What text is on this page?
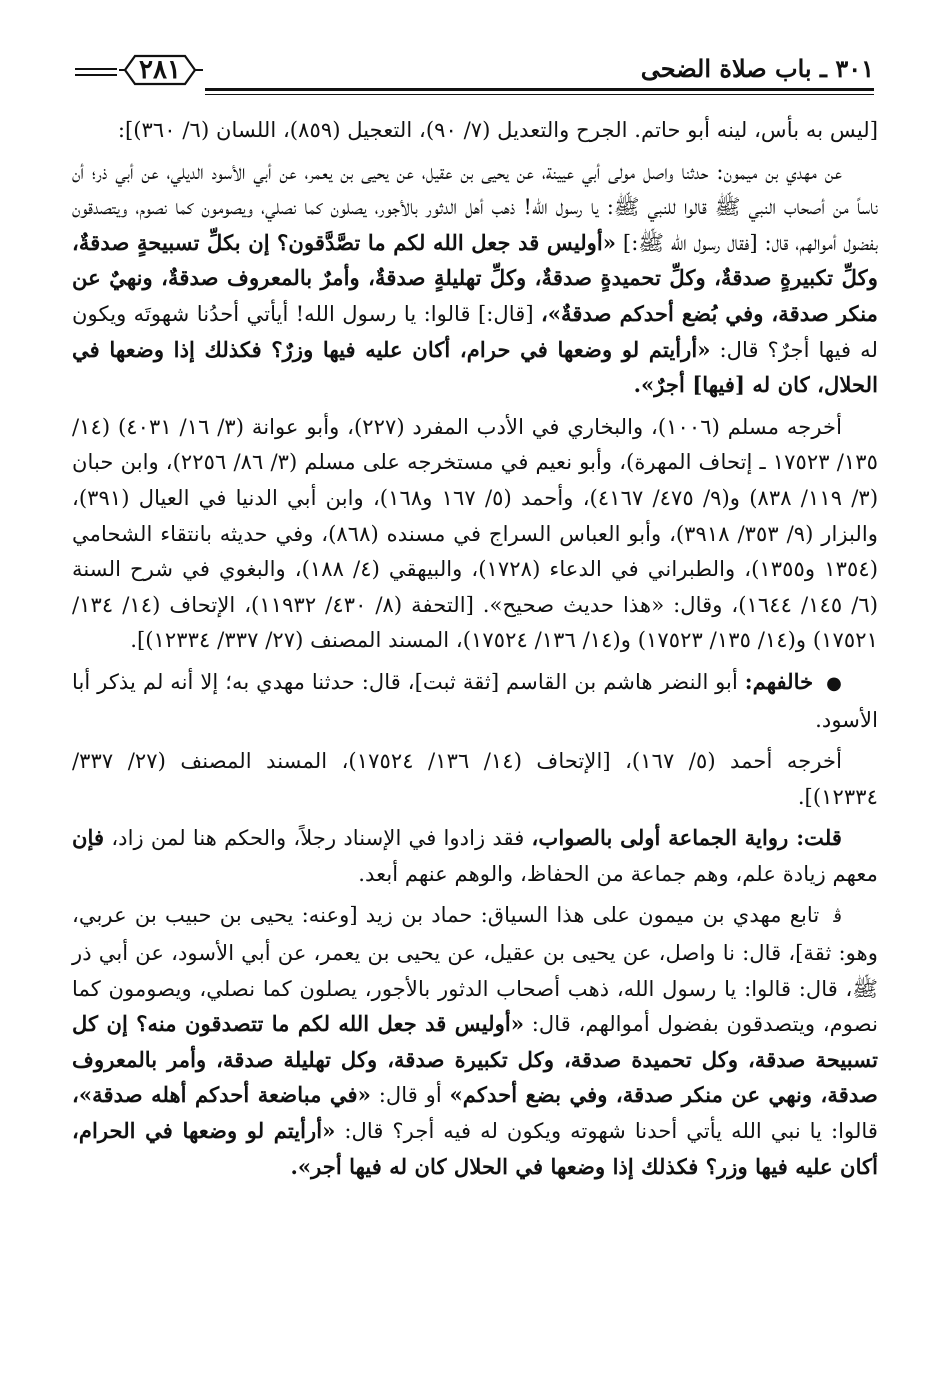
٣٠١ ـ باب صلاة الضحى
٢٨١

[ليس به بأس، لينه أبو حاتم. الجرح والتعديل (٧/ ٩٠)، التعجيل (٨٥٩)، اللسان (٦/ ٣٦٠)]:

عن مهدي بن ميمون: حدثنا واصل مولى أبي عيينة، عن يحيى بن عقيل، عن يحيى بن يعمر، عن أبي الأسود الديلي، عن أبي ذر؛ أن ناساً من أصحاب النبي ﷺ قالوا للنبي ﷺ: يا رسول الله! ذهب أهل الدثور بالأجور، يصلون كما نصلي، ويصومون كما نصوم، ويتصدقون بفضول أموالهم، قال: [فقال رسول الله ﷺ:] «أوليس قد جعل الله لكم ما تصَّدَّقون؟ إن بكلِّ تسبيحةٍ صدقةٌ، وكلِّ تكبيرةٍ صدقةٌ، وكلِّ تحميدةٍ صدقةٌ، وكلِّ تهليلةٍ صدقةٌ، وأمرٌ بالمعروف صدقةٌ، ونهيٌ عن منكر صدقة، وفي بُضع أحدكم صدقةٌ»، [قال:] قالوا: يا رسول الله! أيأتي أحدُنا شهوتَه ويكون له فيها أجرٌ؟ قال: «أرأيتم لو وضعها في حرام، أكان عليه فيها وزرٌ؟ فكذلك إذا وضعها في الحلال، كان له [فيها] أجرٌ».

أخرجه مسلم (١٠٠٦)، والبخاري في الأدب المفرد (٢٢٧)، وأبو عوانة (٣/ ١٦/ ٤٠٣١) (١٤/ ١٣٥/ ١٧٥٢٣ ـ إتحاف المهرة)، وأبو نعيم في مستخرجه على مسلم (٣/ ٨٦/ ٢٢٥٦)، وابن حبان (٣/ ١١٩/ ٨٣٨) و(٩/ ٤٧٥/ ٤١٦٧)، وأحمد (٥/ ١٦٧ و١٦٨)، وابن أبي الدنيا في العيال (٣٩١)، والبزار (٩/ ٣٥٣/ ٣٩١٨)، وأبو العباس السراج في مسنده (٨٦٨)، وفي حديثه بانتقاء الشحامي (١٣٥٤ و١٣٥٥)، والطبراني في الدعاء (١٧٢٨)، والبيهقي (٤/ ١٨٨)، والبغوي في شرح السنة (٦/ ١٤٥/ ١٦٤٤)، وقال: «هذا حديث صحيح». [التحفة (٨/ ٤٣٠/ ١١٩٣٢)، الإتحاف (١٤/ ١٣٤/ ١٧٥٢١) و(١٤/ ١٣٥/ ١٧٥٢٣) و(١٤/ ١٣٦/ ١٧٥٢٤)، المسند المصنف (٢٧/ ٣٣٧/ ١٢٣٣٤)].

● خالفهم: أبو النضر هاشم بن القاسم [ثقة ثبت]، قال: حدثنا مهدي به؛ إلا أنه لم يذكر أبا الأسود.

أخرجه أحمد (٥/ ١٦٧)، [الإتحاف (١٤/ ١٣٦/ ١٧٥٢٤)، المسند المصنف (٢٧/ ٣٣٧/ ١٢٣٣٤)].

قلت: رواية الجماعة أولى بالصواب، فقد زادوا في الإسناد رجلاً، والحكم هنا لمن زاد، فإن معهم زيادة علم، وهم جماعة من الحفاظ، والوهم عنهم أبعد.

ﭬ تابع مهدي بن ميمون على هذا السياق: حماد بن زيد [وعنه: يحيى بن حبيب بن عربي، وهو: ثقة]، قال: نا واصل، عن يحيى بن عقيل، عن يحيى بن يعمر، عن أبي الأسود، عن أبي ذر ﷺ، قال: قالوا: يا رسول الله، ذهب أصحاب الدثور بالأجور، يصلون كما نصلي، ويصومون كما نصوم، ويتصدقون بفضول أموالهم، قال: «أوليس قد جعل الله لكم ما تتصدقون منه؟ إن كل تسبيحة صدقة، وكل تحميدة صدقة، وكل تكبيرة صدقة، وكل تهليلة صدقة، وأمر بالمعروف صدقة، ونهي عن منكر صدقة، وفي بضع أحدكم» أو قال: «في مباضعة أحدكم أهله صدقة»، قالوا: يا نبي الله يأتي أحدنا شهوته ويكون له فيه أجر؟ قال: «أرأيتم لو وضعها في الحرام، أكان عليه فيها وزر؟ فكذلك إذا وضعها في الحلال كان له فيها أجر».
